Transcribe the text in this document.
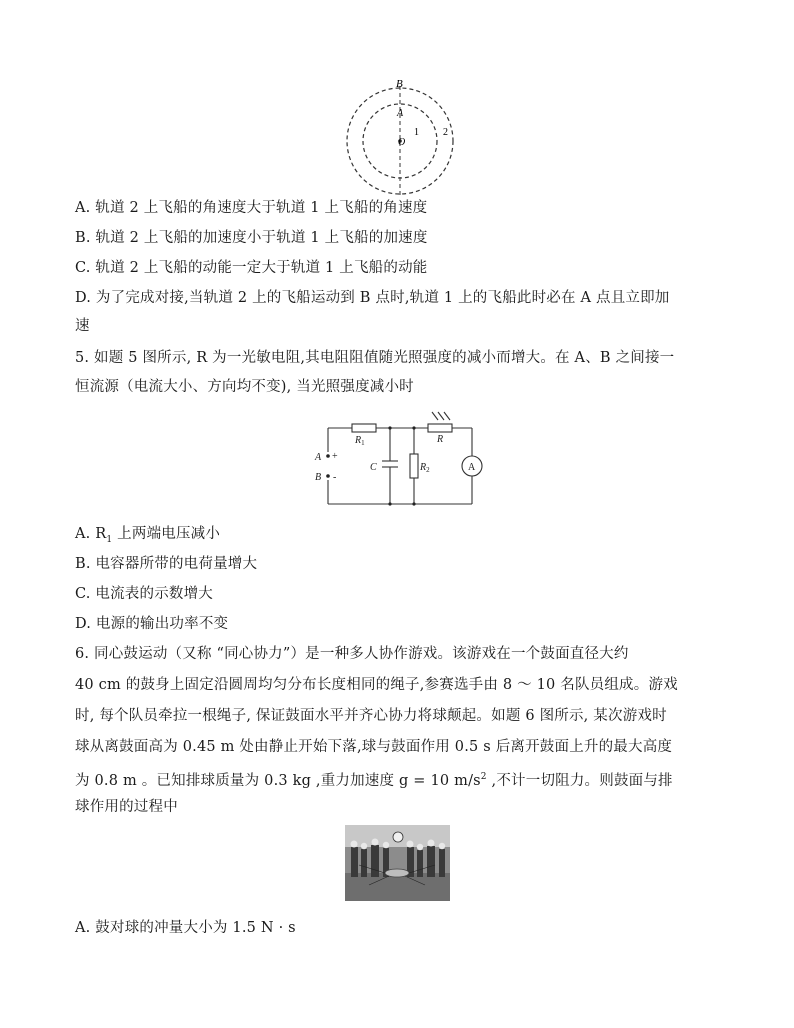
B
A
O
1 2
A. 轨道 2 上飞船的角速度大于轨道 1 上飞船的角速度
B. 轨道 2 上飞船的加速度小于轨道 1 上飞船的加速度
C. 轨道 2 上飞船的动能一定大于轨道 1 上飞船的动能
D. 为了完成对接,当轨道 2 上的飞船运动到 B 点时,轨道 1 上的飞船此时必在 A 点且立即加
速
5. 如题 5 图所示, R 为一光敏电阻,其电阻阻值随光照强度的减小而增大。在 A、B 之间接一
恒流源（电流大小、方向均不变), 当光照强度减小时
$R_1$	R
C	$R_2$
A +
B -
A
A. $R_1$ 上两端电压减小
B. 电容器所带的电荷量增大
C. 电流表的示数增大
D. 电源的输出功率不变
6. 同心鼓运动（又称 “同心协力”）是一种多人协作游戏。该游戏在一个鼓面直径大约
40 cm 的鼓身上固定沿圆周均匀分布长度相同的绳子,参赛选手由 8 ～ 10 名队员组成。游戏
时, 每个队员牵拉一根绳子, 保证鼓面水平并齐心协力将球颠起。如题 6 图所示, 某次游戏时
球从离鼓面高为 0.45 m 处由静止开始下落,球与鼓面作用 0.5 s 后离开鼓面上升的最大高度
为 0.8 m 。已知排球质量为 0.3 kg ,重力加速度 g = 10 $m/s^2$ ,不计一切阻力。则鼓面与排
球作用的过程中
A. 鼓对球的冲量大小为 1.5 N · s
